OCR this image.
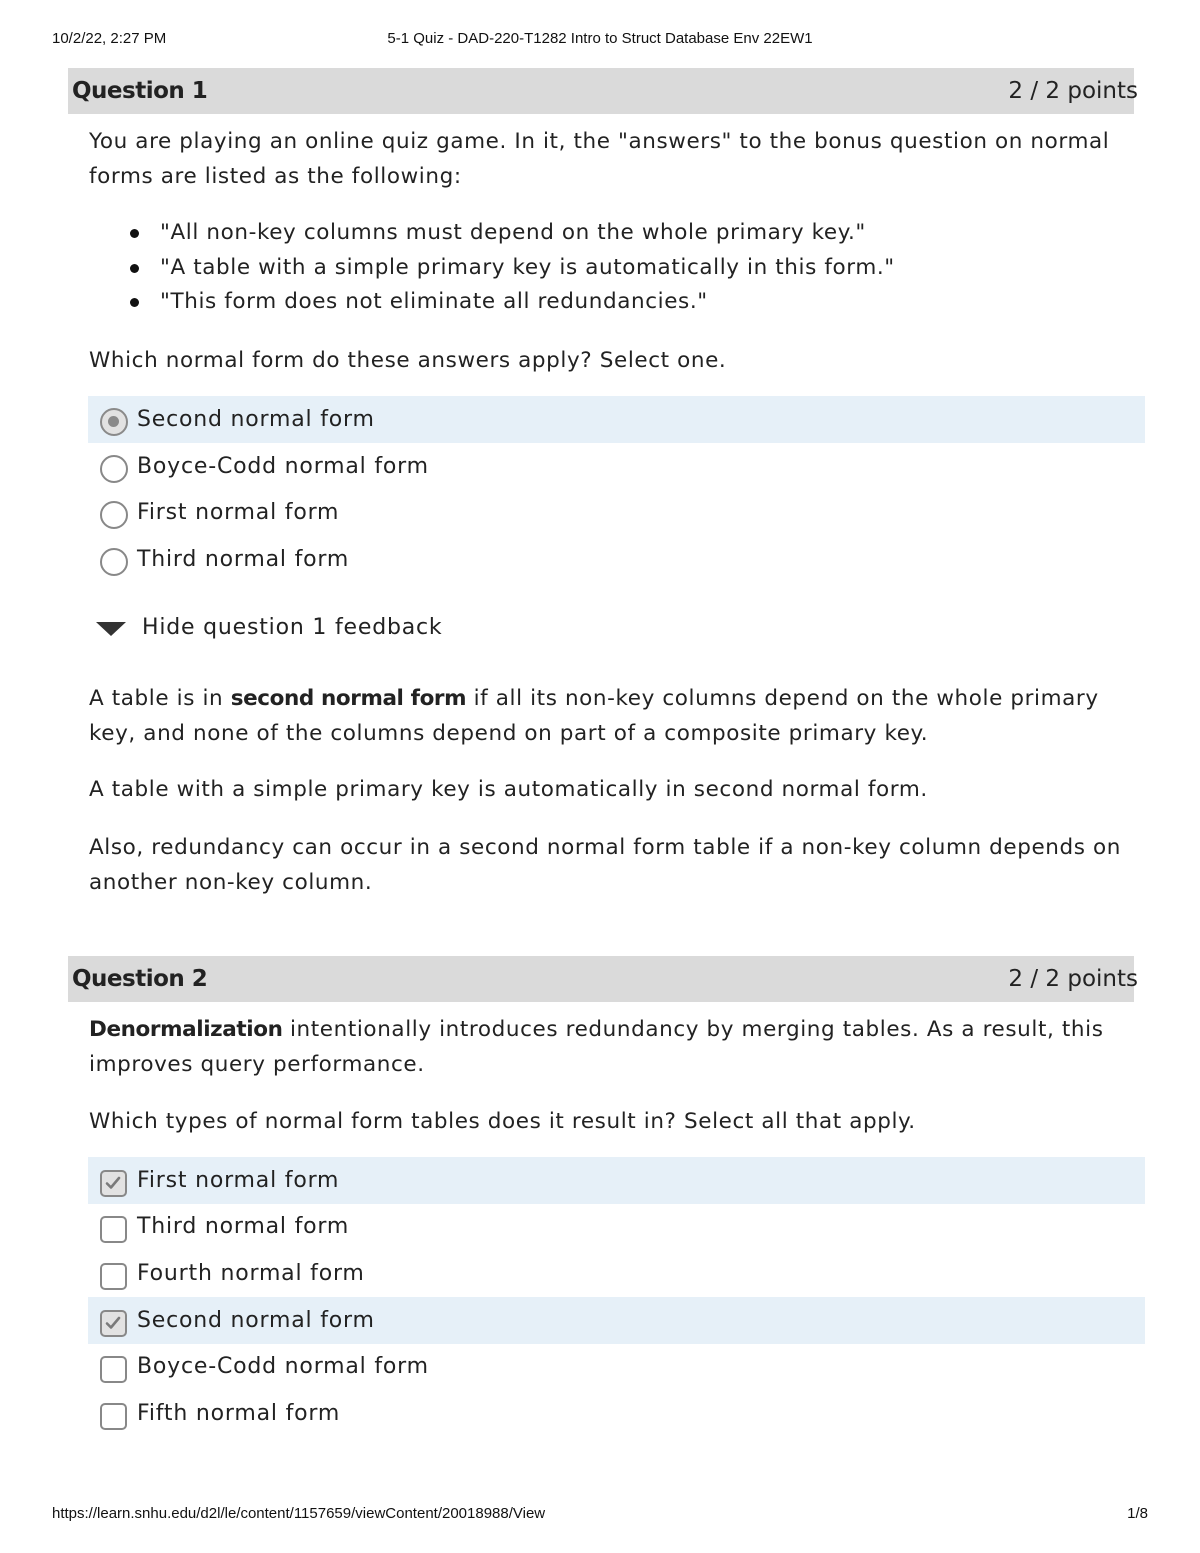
10/2/22, 2:27 PM	5-1 Quiz - DAD-220-T1282 Intro to Struct Database Env 22EW1
Question 1	2 / 2 points
You are playing an online quiz game. In it, the "answers" to the bonus question on normal forms are listed as the following:
"All non-key columns must depend on the whole primary key."
"A table with a simple primary key is automatically in this form."
"This form does not eliminate all redundancies."
Which normal form do these answers apply? Select one.
Second normal form
Boyce-Codd normal form
First normal form
Third normal form
Hide question 1 feedback
A table is in second normal form if all its non-key columns depend on the whole primary key, and none of the columns depend on part of a composite primary key.
A table with a simple primary key is automatically in second normal form.
Also, redundancy can occur in a second normal form table if a non-key column depends on another non-key column.
Question 2	2 / 2 points
Denormalization intentionally introduces redundancy by merging tables. As a result, this improves query performance.
Which types of normal form tables does it result in? Select all that apply.
First normal form
Third normal form
Fourth normal form
Second normal form
Boyce-Codd normal form
Fifth normal form
https://learn.snhu.edu/d2l/le/content/1157659/viewContent/20018988/View	1/8
